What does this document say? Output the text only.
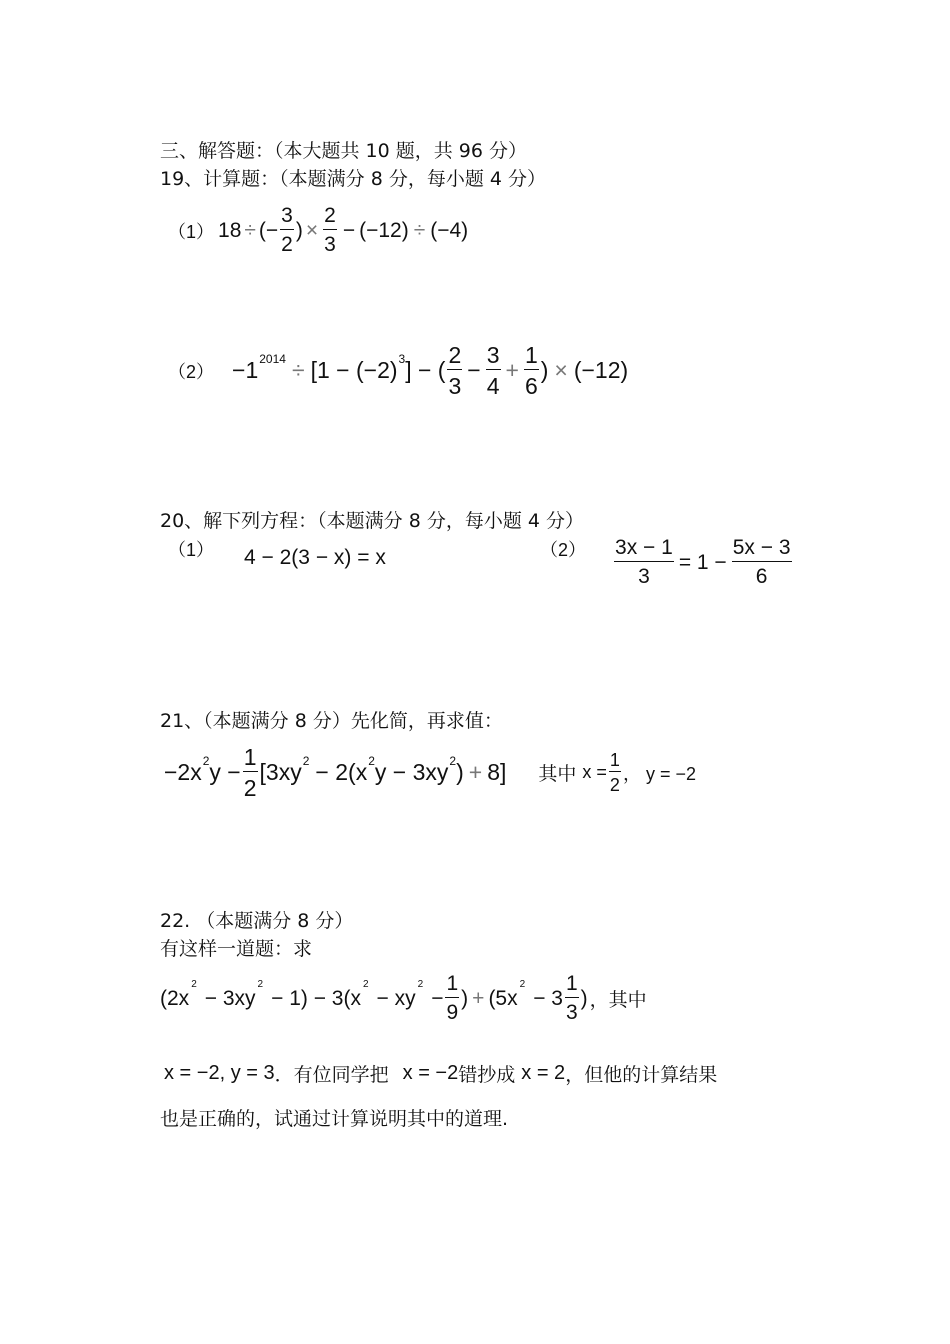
三、解答题：（本大题共 10 题，共 96 分）
19、计算题：（本题满分 8 分，每小题 4 分）
（1） 18 ÷ (− $\frac{3}{2}$ ) × $\frac{2}{3} - (-12) \div (-4)$
（2） −1 2014 ÷ [1 − (−2) 3 ] − ( $\frac{2}{3} - \frac{3}{4} + \frac{1}{6}$ ) × (−12)
20、解下列方程：（本题满分 8 分，每小题 4 分）
（1） 4 − 2(3 − x) = x	$(2) \frac{3x - 1}{3} = 1 - \frac{5x - 3}{6}$
21、（本题满分 8 分）先化简，再求值：
−2x 2 $y - \frac{1}{2} [3xy$ 2 − 2(x 2 y − 3xy 2 ) + 8] 其中 $x = \frac{1}{2}$ ， y = −2
22. （本题满分 8 分）
有这样一道题：求
(2x
2
− 3xy
2
− 1) − 3(x
2
− xy
2
− $\frac{1}{9}$ ) + (5x
2
− $3 \frac{1}{3}$ ) ，其中
x = −2, y = 3 ．有位同学把 x = −2 错抄成 x = 2 ，但他的计算结果
也是正确的，试通过计算说明其中的道理.
